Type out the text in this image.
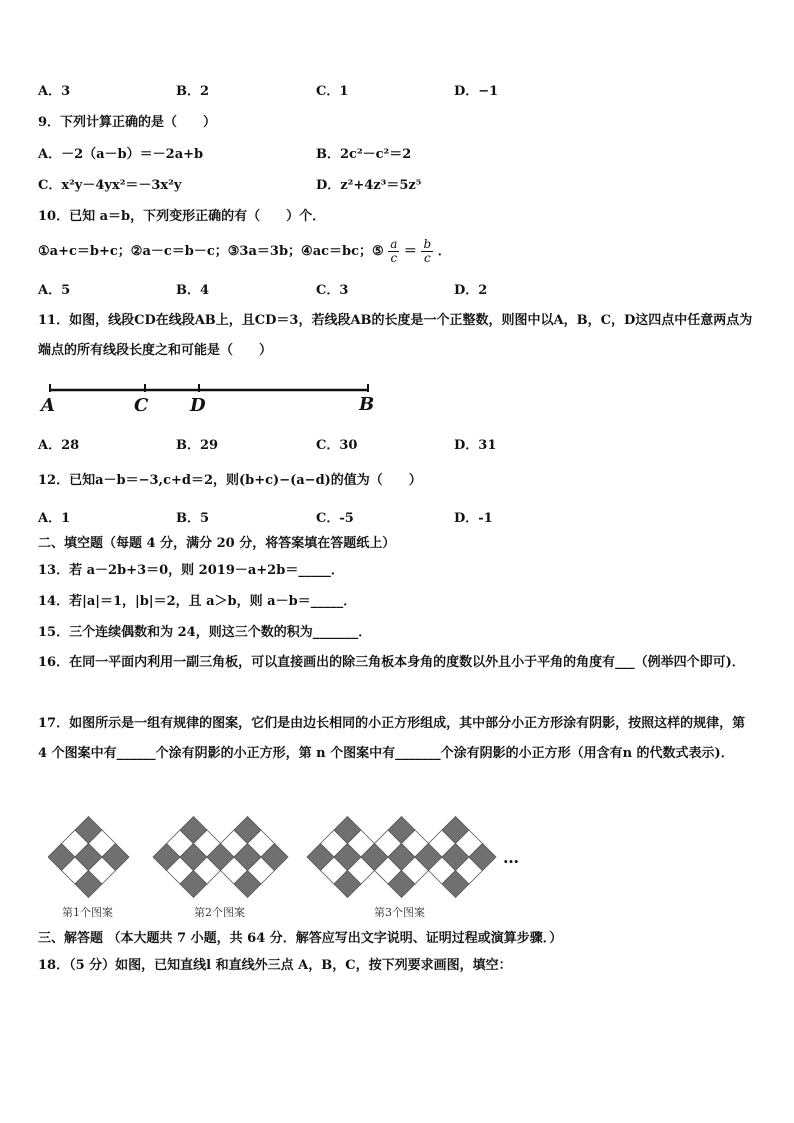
A．3	B．2	C．1	D．−1
9．下列计算正确的是（　　）
A．－2（a－b）＝－2a+b	B．2c²－c²＝2
C．x²y－4yx²＝－3x²y	D．z²+4z³＝5z⁵
10．已知 a＝b，下列变形正确的有（　　）个．
①a+c＝b+c；②a－c＝b－c；③3a＝3b；④ac＝bc；⑤ $\frac{a}{c} = \frac{b}{c}$ ．
A．5	B．4	C．3	D．2
11．如图，线段CD在线段AB上，且CD＝3，若线段AB的长度是一个正整数，则图中以A，B，C，D这四点中任意两点为端点的所有线段长度之和可能是（　　）
A	C D	B
A．28	B．29	C．30	D．31
12．已知a－b＝−3,c+d＝2，则(b+c)−(a−d)的值为（　　）
A．1	B．5	C．-5	D．-1
二、填空题（每题 4 分，满分 20 分，将答案填在答题纸上）
13．若 a－2b+3＝0，则 2019－a+2b＝_____．
14．若|a|＝1，|b|＝2，且 a＞b，则 a－b＝_____．
15．三个连续偶数和为 24，则这三个数的积为_______．
16．在同一平面内利用一副三角板，可以直接画出的除三角板本身角的度数以外且小于平角的角度有___（例举四个即可)．
17．如图所示是一组有规律的图案，它们是由边长相同的小正方形组成，其中部分小正方形涂有阴影，按照这样的规律，第 4 个图案中有______个涂有阴影的小正方形，第 n 个图案中有_______个涂有阴影的小正方形（用含有n 的代数式表示)．
…
第1个图案	第2个图案	第3个图案
三、解答题 （本大题共 7 小题，共 64 分．解答应写出文字说明、证明过程或演算步骤．）
18．（5 分）如图，已知直线l 和直线外三点 A，B，C，按下列要求画图，填空：
